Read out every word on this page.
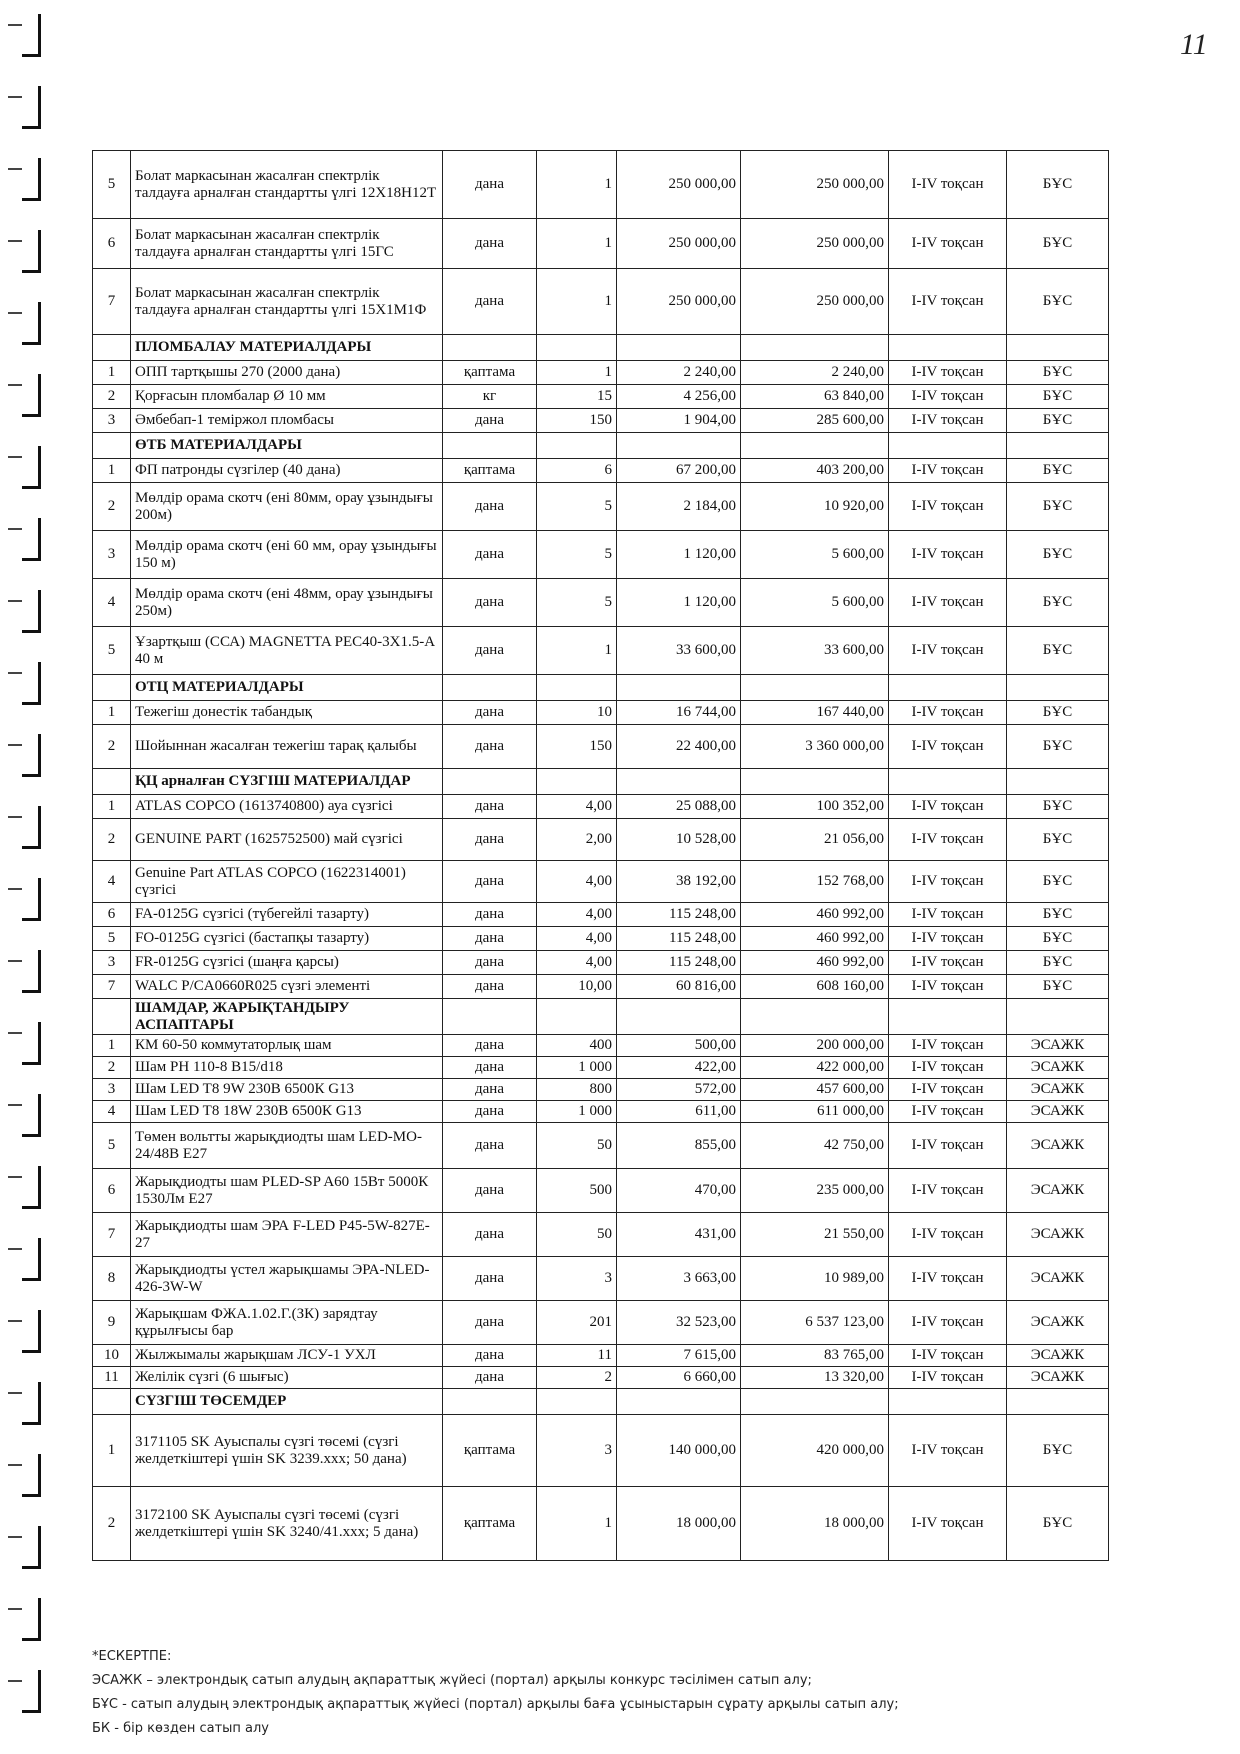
11
5	Болат маркасынан жасалған спектрлік талдауға арналған стандартты үлгі 12Х18Н12Т	дана	1	250 000,00	250 000,00	I-IV тоқсан	БҰС
6	Болат маркасынан жасалған спектрлік талдауға арналған стандартты үлгі 15ГС	дана	1	250 000,00	250 000,00	I-IV тоқсан	БҰС
7	Болат маркасынан жасалған спектрлік талдауға арналған стандартты үлгі 15Х1М1Ф	дана	1	250 000,00	250 000,00	I-IV тоқсан	БҰС
	ПЛОМБАЛАУ МАТЕРИАЛДАРЫ						
1	ОПП тартқышы 270 (2000 дана)	қаптама	1	2 240,00	2 240,00	I-IV тоқсан	БҰС
2	Қорғасын пломбалар Ø 10 мм	кг	15	4 256,00	63 840,00	I-IV тоқсан	БҰС
3	Әмбебап-1 теміржол пломбасы	дана	150	1 904,00	285 600,00	I-IV тоқсан	БҰС
	ӨТБ МАТЕРИАЛДАРЫ						
1	ФП патронды сүзгілер (40 дана)	қаптама	6	67 200,00	403 200,00	I-IV тоқсан	БҰС
2	Мөлдір орама скотч (ені 80мм, орау ұзындығы 200м)	дана	5	2 184,00	10 920,00	I-IV тоқсан	БҰС
3	Мөлдір орама скотч (ені 60 мм, орау ұзындығы 150 м)	дана	5	1 120,00	5 600,00	I-IV тоқсан	БҰС
4	Мөлдір орама скотч (ені 48мм, орау ұзындығы 250м)	дана	5	1 120,00	5 600,00	I-IV тоқсан	БҰС
5	Ұзартқыш (ССА) MAGNETTA PEC40-3X1.5-A 40 м	дана	1	33 600,00	33 600,00	I-IV тоқсан	БҰС
	ОТЦ МАТЕРИАЛДАРЫ						
1	Тежегіш донестік табандық	дана	10	16 744,00	167 440,00	I-IV тоқсан	БҰС
2	Шойыннан жасалған тежегіш тарақ қалыбы	дана	150	22 400,00	3 360 000,00	I-IV тоқсан	БҰС
	ҚЦ арналған СҮЗГІШ МАТЕРИАЛДАР						
1	ATLAS COPCO (1613740800) ауа сүзгісі	дана	4,00	25 088,00	100 352,00	I-IV тоқсан	БҰС
2	GENUINE PART (1625752500) май сүзгісі	дана	2,00	10 528,00	21 056,00	I-IV тоқсан	БҰС
4	Genuine Part ATLAS COPCO (1622314001) сүзгісі	дана	4,00	38 192,00	152 768,00	I-IV тоқсан	БҰС
6	FA-0125G сүзгісі (түбегейлі тазарту)	дана	4,00	115 248,00	460 992,00	I-IV тоқсан	БҰС
5	FO-0125G сүзгісі (бастапқы тазарту)	дана	4,00	115 248,00	460 992,00	I-IV тоқсан	БҰС
3	FR-0125G сүзгісі (шаңға қарсы)	дана	4,00	115 248,00	460 992,00	I-IV тоқсан	БҰС
7	WALC P/CA0660R025 сүзгі элементі	дана	10,00	60 816,00	608 160,00	I-IV тоқсан	БҰС
	ШАМДАР, ЖАРЫҚТАНДЫРУ АСПАПТАРЫ						
1	КМ 60-50 коммутаторлық шам	дана	400	500,00	200 000,00	I-IV тоқсан	ЭСАЖК
2	Шам РН 110-8 B15/d18	дана	1 000	422,00	422 000,00	I-IV тоқсан	ЭСАЖК
3	Шам LED T8 9W 230В 6500К G13	дана	800	572,00	457 600,00	I-IV тоқсан	ЭСАЖК
4	Шам LED T8 18W 230В 6500К G13	дана	1 000	611,00	611 000,00	I-IV тоқсан	ЭСАЖК
5	Төмен вольтты жарықдиодты шам LED-MO-24/48В Е27	дана	50	855,00	42 750,00	I-IV тоқсан	ЭСАЖК
6	Жарықдиодты шам PLED-SP A60 15Вт 5000К 1530Лм Е27	дана	500	470,00	235 000,00	I-IV тоқсан	ЭСАЖК
7	Жарықдиодты шам ЭРА F-LED P45-5W-827E-27	дана	50	431,00	21 550,00	I-IV тоқсан	ЭСАЖК
8	Жарықдиодты үстел жарықшамы ЭРА-NLED-426-3W-W	дана	3	3 663,00	10 989,00	I-IV тоқсан	ЭСАЖК
9	Жарықшам ФЖА.1.02.Г.(ЗК) зарядтау құрылғысы бар	дана	201	32 523,00	6 537 123,00	I-IV тоқсан	ЭСАЖК
10	Жылжымалы жарықшам ЛСУ-1 УХЛ	дана	11	7 615,00	83 765,00	I-IV тоқсан	ЭСАЖК
11	Желілік сүзгі (6 шығыс)	дана	2	6 660,00	13 320,00	I-IV тоқсан	ЭСАЖК
	СҮЗГІШ ТӨСЕМДЕР						
1	3171105 SK Ауыспалы сүзгі төсемі (сүзгі желдеткіштері үшін SK 3239.xxx; 50 дана)	қаптама	3	140 000,00	420 000,00	I-IV тоқсан	БҰС
2	3172100 SK Ауыспалы сүзгі төсемі (сүзгі желдеткіштері үшін SK 3240/41.xxx; 5 дана)	қаптама	1	18 000,00	18 000,00	I-IV тоқсан	БҰС
*ЕСКЕРТПЕ:
ЭСАЖК – электрондық сатып алудың ақпараттық жүйесі (портал) арқылы конкурс тәсілімен сатып алу;
БҰС - сатып алудың электрондық ақпараттық жүйесі (портал) арқылы баға ұсыныстарын сұрату арқылы сатып алу;
БК - бір көзден сатып алу
